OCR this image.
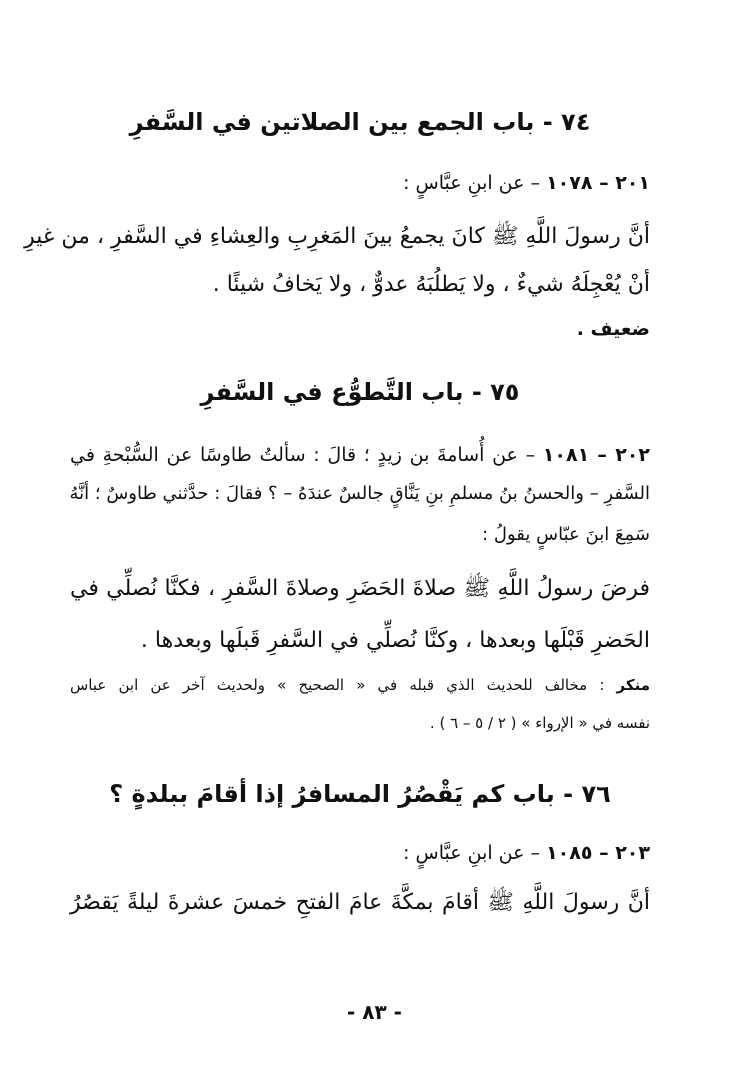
٧٤ - باب الجمع بين الصلاتين في السَّفرِ
٢٠١ – ١٠٧٨ – عن ابنِ عبَّاسٍ :
أنَّ رسولَ اللَّهِ ﷺ كانَ يجمعُ بينَ المَغرِبِ والعِشاءِ في السَّفرِ ، من غيرِ
أنْ يُعْجِلَهُ شيءٌ ، ولا يَطلُبَهُ عدوٌّ ، ولا يَخافُ شيئًا .
ضعيف .
٧٥ - باب التَّطوُّع في السَّفرِ
٢٠٢ – ١٠٨١ – عن أُسامةَ بن زيدٍ ؛ قالَ : سألتُ طاوسًا عن السُّبْحةِ في
السَّفرِ – والحسنُ بنُ مسلمِ بنِ يَنَّاقٍ جالسٌ عندَهُ – ؟ فقالَ : حدَّثني طاوسٌ ؛ أنَّهُ
سَمِعَ ابنَ عبّاسٍ يقولُ :
فرضَ رسولُ اللَّهِ ﷺ صلاةَ الحَضَرِ وصلاةَ السَّفرِ ، فكنَّا نُصلِّي في
الحَضرِ قَبْلَها وبعدها ، وكنَّا نُصلِّي في السَّفرِ قَبلَها وبعدها .
منكر : مخالف للحديث الذي قبله في « الصحيح » ولحديث آخر عن ابن عباس
نفسه في « الإرواء » ( ٢ / ٥ – ٦ ) .
٧٦ - باب كم يَقْصُرُ المسافرُ إذا أقامَ ببلدةٍ ؟
٢٠٣ – ١٠٨٥ – عن ابنِ عبَّاسٍ :
أنَّ رسولَ اللَّهِ ﷺ أقامَ بمكَّةَ عامَ الفتحِ خمسَ عشرةَ ليلةً يَقصُرُ
- ٨٣ -
